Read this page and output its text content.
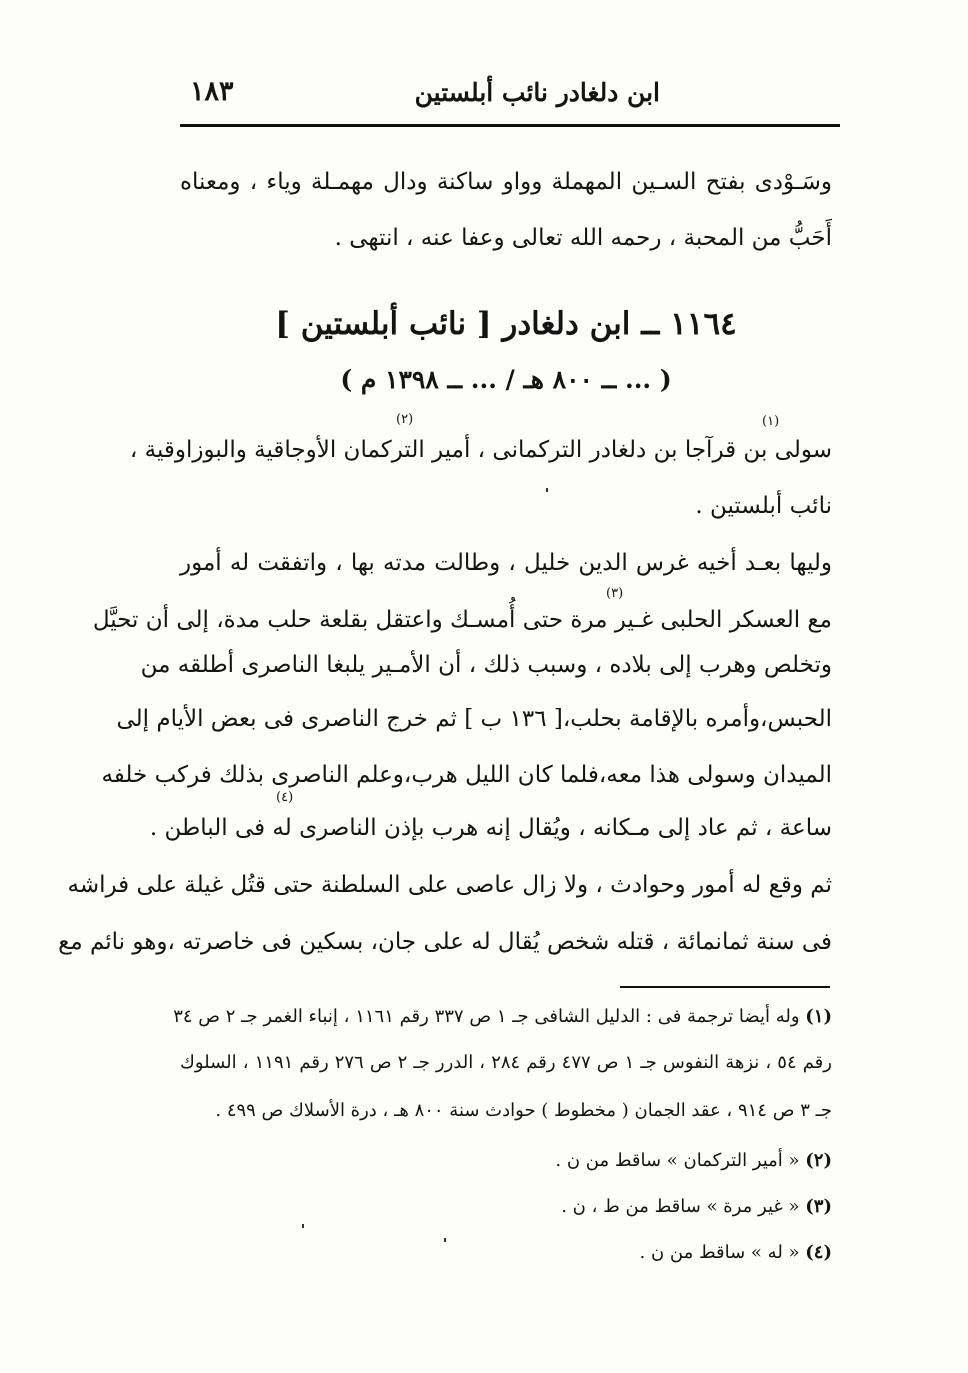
ابن دلغادر نائب أبلستين
١٨٣
وسَـوْدى بفتح السـين المهملة وواو ساكنة ودال مهمـلة وياء ، ومعناه
أَحَبُّ من المحبة ، رحمه الله تعالى وعفا عنه ، انتهى .
١١٦٤ ــ ابن دلغادر [ نائب أبلستين ]
( ... ــ ٨٠٠ هـ / ... ــ ١٣٩٨ م )
سولى بن قرآجا بن دلغادر التركمانى ، أمير التركمان الأوجاقية والبوزاوقية ،
نائب أبلستين .
وليها بعـد أخيه غرس الدين خليل ، وطالت مدته بها ، واتفقت له أمور
مع العسكر الحلبى غـير مرة حتى أُمسـك واعتقل بقلعة حلب مدة، إلى أن تحيَّل
وتخلص وهرب إلى بلاده ، وسبب ذلك ، أن الأمـير يلبغا الناصرى أطلقه من
الحبس،وأمره بالإقامة بحلب،[ ١٣٦ ب ] ثم خرج الناصرى فى بعض الأيام إلى
الميدان وسولى هذا معه،فلما كان الليل هرب،وعلم الناصرى بذلك فركب خلفه
ساعة ، ثم عاد إلى مـكانه ، ويُقال إنه هرب بإذن الناصرى له فى الباطن .
ثم وقع له أمور وحوادث ، ولا زال عاصى على السلطنة حتى قتُل غيلة على فراشه
فى سنة ثمانمائة ، قتله شخص يُقال له على جان، بسكين فى خاصرته ،وهو نائم مع
(١)
(٢)
(٣)
(٤)
(١) وله أيضا ترجمة فى : الدليل الشافى جـ ١ ص ٣٣٧ رقم ١١٦١ ، إنباء الغمر جـ ٢ ص ٣٤
رقم ٥٤ ، نزهة النفوس جـ ١ ص ٤٧٧ رقم ٢٨٤ ، الدرر جـ ٢ ص ٢٧٦ رقم ١١٩١ ، السلوك
جـ ٣ ص ٩١٤ ، عقد الجمان ( مخطوط ) حوادث سنة ٨٠٠ هـ ، درة الأسلاك ص ٤٩٩ .
(٢) « أمير التركمان » ساقط من ن .
(٣) « غير مرة » ساقط من ط ، ن .
(٤) « له » ساقط من ن .
